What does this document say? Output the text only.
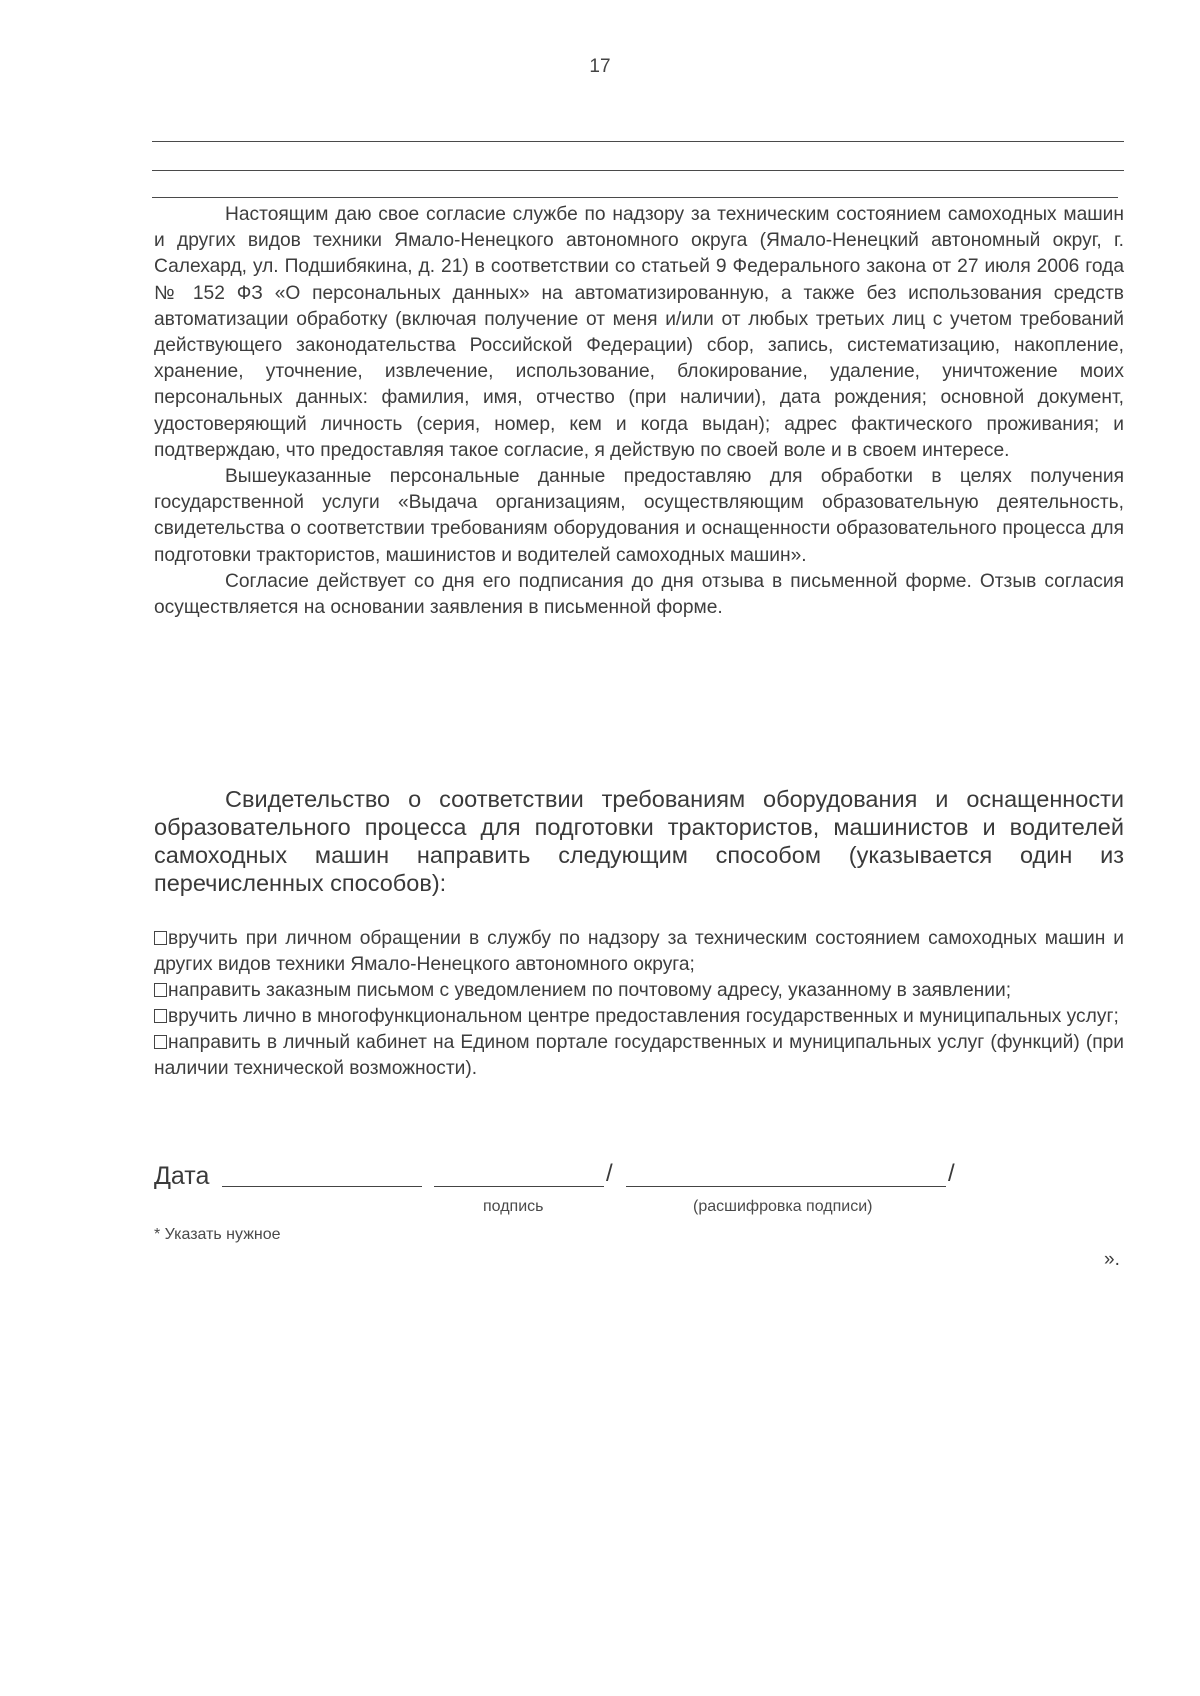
17

Настоящим даю свое согласие службе по надзору за техническим состоянием самоходных машин и других видов техники Ямало-Ненецкого автономного округа (Ямало-Ненецкий автономный округ, г. Салехард, ул. Подшибякина, д. 21) в соответствии со статьей 9 Федерального закона от 27 июля 2006 года № 152 ФЗ «О персональных данных» на автоматизированную, а также без использования средств автоматизации обработку (включая получение от меня и/или от любых третьих лиц с учетом требований действующего законодательства Российской Федерации) сбор, запись, систематизацию, накопление, хранение, уточнение, извлечение, использование, блокирование, удаление, уничтожение моих персональных данных: фамилия, имя, отчество (при наличии), дата рождения; основной документ, удостоверяющий личность (серия, номер, кем и когда выдан); адрес фактического проживания; и подтверждаю, что предоставляя такое согласие, я действую по своей воле и в своем интересе.

Вышеуказанные персональные данные предоставляю для обработки в целях получения государственной услуги «Выдача организациям, осуществляющим образовательную деятельность, свидетельства о соответствии требованиям оборудования и оснащенности образовательного процесса для подготовки трактористов, машинистов и водителей самоходных машин».

Согласие действует со дня его подписания до дня отзыва в письменной форме. Отзыв согласия осуществляется на основании заявления в письменной форме.

Свидетельство о соответствии требованиям оборудования и оснащенности образовательного процесса для подготовки трактористов, машинистов и водителей самоходных машин направить следующим способом (указывается один из перечисленных способов):

вручить при личном обращении в службу по надзору за техническим состоянием самоходных машин и других видов техники Ямало-Ненецкого автономного округа;

направить заказным письмом с уведомлением по почтовому адресу, указанному в заявлении;

вручить лично в многофункциональном центре предоставления государственных и муниципальных услуг;

направить в личный кабинет на Едином портале государственных и муниципальных услуг (функций) (при наличии технической возможности).

Дата	/	/
подпись	(расшифровка подписи)
* Указать нужное
».
